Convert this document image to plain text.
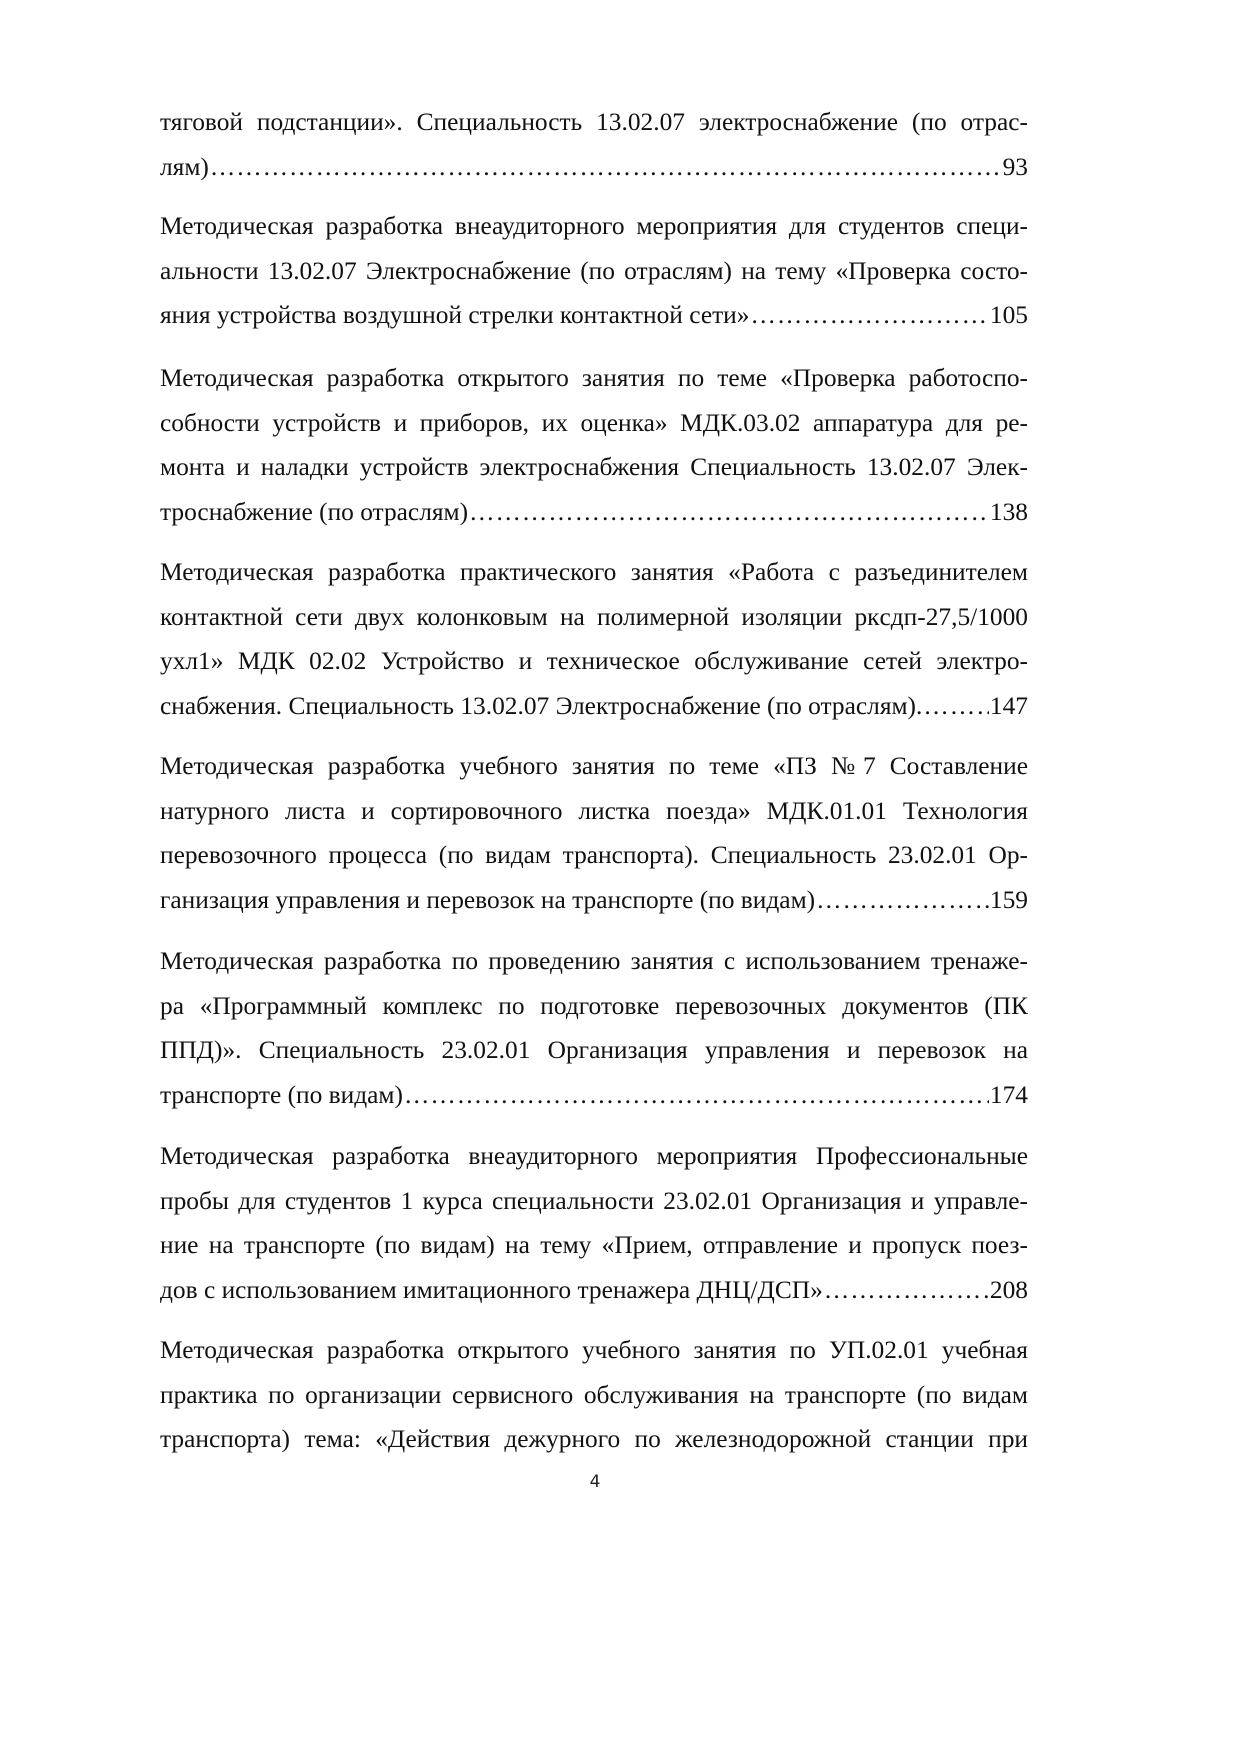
тяговой подстанции». Специальность 13.02.07 электроснабжение (по отрас-
лям) …………………………………………………………………………………………………………………………………………………………	93
Методическая разработка внеаудиторного мероприятия для студентов специ-
альности 13.02.07 Электроснабжение (по отраслям) на тему «Проверка состо-
яния устройства воздушной стрелки контактной сети» …………………………………………………………………………………………………………………………………………………………	105
Методическая разработка открытого занятия по теме «Проверка работоспо-
собности устройств и приборов, их оценка» МДК.03.02 аппаратура для ре-
монта и наладки устройств электроснабжения Специальность 13.02.07 Элек-
троснабжение (по отраслям) …………………………………………………………………………………………………………………………………………………………	138
Методическая разработка практического занятия «Работа с разъединителем
контактной сети двух колонковым на полимерной изоляции ркcдп-27,5/1000
ухл1» МДК 02.02 Устройство и техническое обслуживание сетей электро-
снабжения. Специальность 13.02.07 Электроснабжение (по отраслям). …………………………………………………………………………………………………………………………………………………………	147
Методическая разработка учебного занятия по теме «ПЗ №7 Составление
натурного листа и сортировочного листка поезда» МДК.01.01 Технология
перевозочного процесса (по видам транспорта). Специальность 23.02.01 Ор-
ганизация управления и перевозок на транспорте (по видам) …………………………………………………………………………………………………………………………………………………………	159
Методическая разработка по проведению занятия с использованием тренаже-
ра «Программный комплекс по подготовке перевозочных документов (ПК
ППД)». Специальность 23.02.01 Организация управления и перевозок на
транспорте (по видам) …………………………………………………………………………………………………………………………………………………………	174
Методическая разработка внеаудиторного мероприятия Профессиональные
пробы для студентов 1 курса специальности 23.02.01 Организация и управле-
ние на транспорте (по видам) на тему «Прием, отправление и пропуск поез-
дов с использованием имитационного тренажера ДНЦ/ДСП» …………………………………………………………………………………………………………………………………………………………	208
Методическая разработка открытого учебного занятия по УП.02.01 учебная
практика по организации сервисного обслуживания на транспорте (по видам
транспорта) тема: «Действия дежурного по железнодорожной станции при
4
